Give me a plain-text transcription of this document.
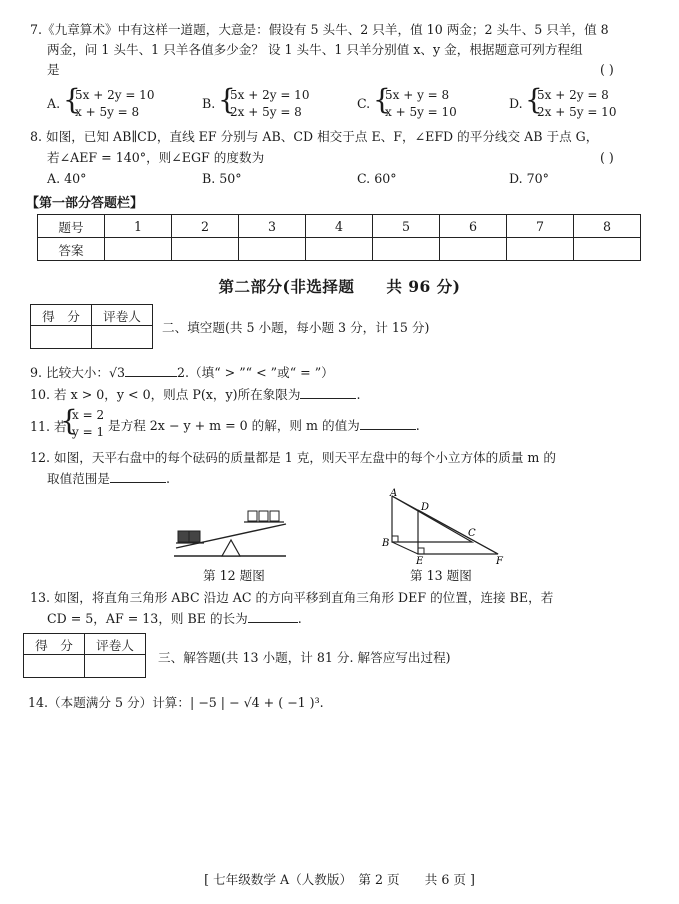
7.《九章算术》中有这样一道题，大意是：假设有 5 头牛、2 只羊，值 10 两金；2 头牛、5 只羊，值 8
两金，问 1 头牛、1 只羊各值多少金？ 设 1 头牛、1 只羊分别值 x、y 金，根据题意可列方程组
是	( )
A. {
5x + 2y = 10
x + 5y = 8
B. {
5x + 2y = 10
2x + 5y = 8
C. {
5x + y = 8
x + 5y = 10
D. {
5x + 2y = 8
2x + 5y = 10
8. 如图，已知 AB∥CD，直线 EF 分别与 AB、CD 相交于点 E、F，∠EFD 的平分线交 AB 于点 G，
若∠AEF = 140°，则∠EGF 的度数为	( )
A. 40°	B. 50°	C. 60°	D. 70°
【第一部分答题栏】
题号	1	2	3	4	5	6	7	8
答案								
第二部分(非选择题　　共 96 分)
得　分	评卷人

二、填空题(共 5 小题，每小题 3 分，计 15 分)
9. 比较大小：√3	2.（填“ > ”“ < ”或“ = ”）
10. 若 x > 0，y < 0，则点 P(x，y)所在象限为	.
11. 若
{
x = 2
y = 1 是方程 2x − y + m = 0 的解，则 m 的值为	.
12. 如图，天平右盘中的每个砝码的质量都是 1 克，则天平左盘中的每个小立方体的质量 m 的
取值范围是	.
第 12 题图
A
B
C
D
E	F
第 13 题图
13. 如图，将直角三角形 ABC 沿边 AC 的方向平移到直角三角形 DEF 的位置，连接 BE，若
CD = 5，AF = 13，则 BE 的长为	.
得　分	评卷人

三、解答题(共 13 小题，计 81 分. 解答应写出过程)
14.（本题满分 5 分）计算：| −5 | − √4 + ( −1 )³.
[ 七年级数学 A（人教版）　第 2 页　　共 6 页 ]
